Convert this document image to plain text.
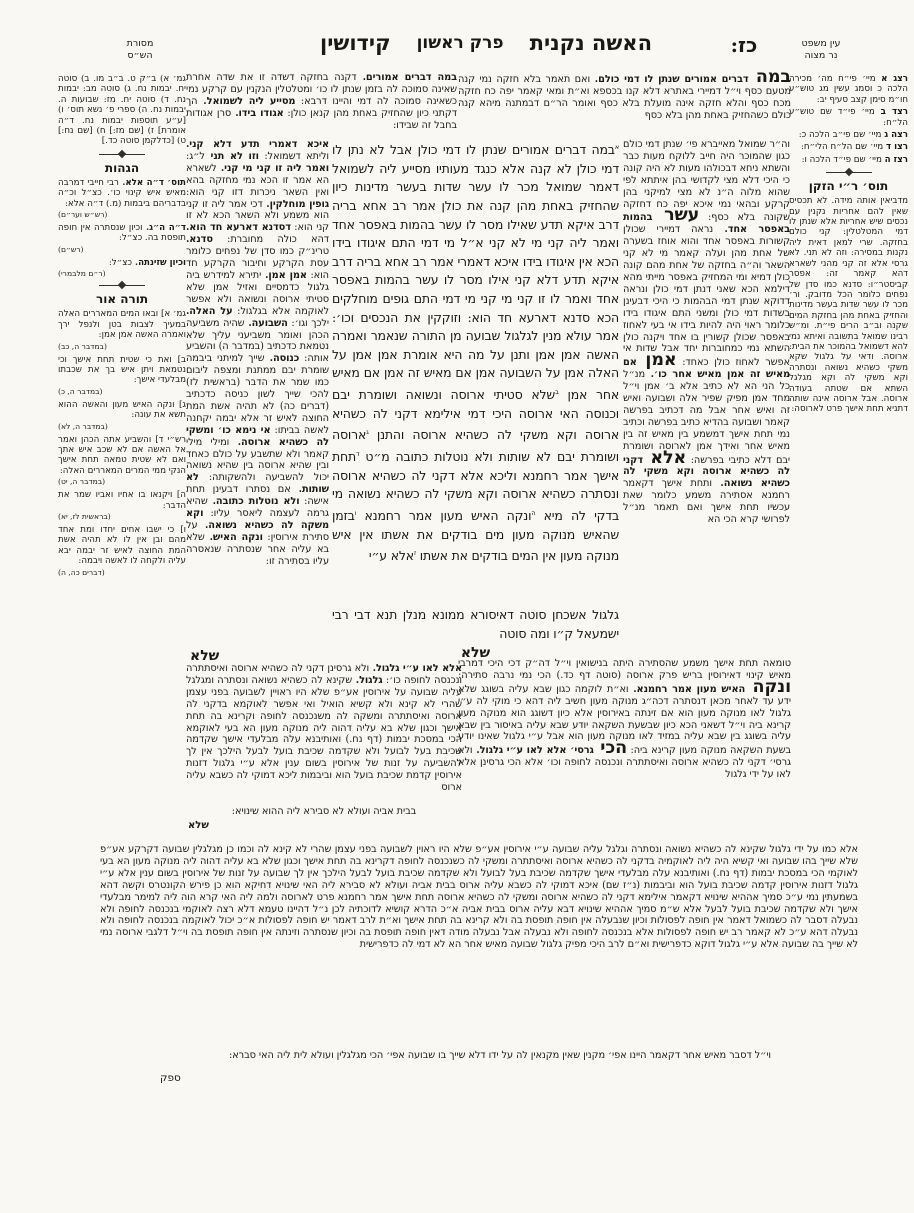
עין משפט
נר מצוה
כז:
האשה נקנית
פרק ראשון
קידושין
מסורת
הש״ס
רצג א מיי׳ פי״ח מה׳ מכירה הלכה כ וסמג עשין מג טוש״ע חו״מ סימן קצב סעיף יב:
רצד ב מיי׳ פי״ד שם טוש״ע הל״ח:
רצה ג מיי׳ שם פי״ב הלכה כ:
רצו ד מיי׳ שם הל״ח הלי״ח:
רצז ה מיי׳ שם פי״ד הלכה ו:
תוס׳ ר״י הזקן
מדביאין אותה מידה. לא תכסיס שאין להם אחריות נקנין עם נכסים שיש אחריות אלא שנתן לו דמי המטלטלין: קני כולם בחזקה. שרי למאן דאית ליה נקנות במסירה: וזה לא תני. לא גרסי אלא זה קני מהני לשארא דהא קאמר זה: אפסר קביסטר״ו: סדנא כמו סדן של נפחים כלומר הכל מדובק. ור׳ מכר לו עשר שדות בעשר מדינות והחזיק באחת מהן בחזקת המים שקנה וב״ב הרים פי״ת. ומ״ש רבינו שמואל בתשובה ואיתא נמי להא דשמואל בהמוכר את הבית: ארוסה. ודאי על גלגול שקא משקי כשהיא נשואה ונסתרה וקא משקי לה וקא מגלגל השתא אם שטתה בעודה ארוסה. אבל ארוסה אינה שותה דתניא תחת אישך פרט לארוסה:
גמ׳ א) ב״ק ט. ב״ב מו. ב) סוטה יח. יבמות נח. ג) סוטה מב: יבמות נח. ד) סוטה יח. מז: שבועות ה. יבמות נח. ה) ספרי פ׳ נשא תוס׳ ו) [ע״ע תוספות יבמות נח. ד״ה אומרת] ז) [שם מז:] ח) [שם נח:] ט) [כדלקמן סוטה כד.]
הגהות
תוס׳ ד״ה אלא. רבי חייבי דמרבה מאיש איש קינוי כו׳. כצ״ל וכ״ה בדבריהם ביבמות (מ.) ד״ה אלא:
(רש״ש וער״ם)
ד״ה ה״ג. וכיון שנסתרה אין חופה תופסת בה. כצ״ל:
(רש״ם)
וכיון שזינתה. כצ״ל:
(ר״ם מלבמרי)
תורה אור
גמ׳ א] ובאו המים המאררים האלה במעיך לצבות בטן ולנפל ירך ואמרה האשה אמן אמן:
(במדבר ה, כב)
ב] ואת כי שטית תחת אישך וכי נטמאת ויתן איש בך את שכבתו מבלעדי אישך:
(במדבר ה, כ)
ג] ונקה האיש מעון והאשה ההוא תשא את עונה:
(במדבר ה, לא)
רש״י ד] והשביע אתה הכהן ואמר אל האשה אם לא שכב איש אתך ואם לא שטית טמאה תחת אישך הנקי ממי המרים המאררים האלה:
(במדבר ה, יט)
ה] ויקנאו בו אחיו ואביו שמר את הדבר:
(בראשית לז, יא)
ו] כי ישבו אחים יחדו ומת אחד מהם ובן אין לו לא תהיה אשת המת החוצה לאיש זר יבמה יבא עליה ולקחה לו לאשה ויבמה:
(דברים כה, ה)
במה דברים אמורים. דקנה בחזקה דשדה זו את שדה אחרת שאינה סמוכה לה בזמן שנתן לו כו׳ ומטלטלין הנקנין עם קרקע נמי כשאינה סמוכה לה דמי והיינו דרבא: מסייע ליה לשמואל. הך דקתני כיון שהחזיק באחת מהן קנאן כולן: אגודו בידו. סרן אגודות בחבל זה שבידו:
איכא דאמרי תדע דלא קני. וליתא דשמואל: וזו לא תני ל״ג: ואמר ליה זו קני מי קני. לשארא הא אמר זו הכא נמי מחזקה בהא ואין השאר ניכרות דזו קני הוא: גופין מוחלקין. דכי אמר ליה זו קני הוא משמע ולא השאר הכא לא זו קני הוא: דסדנא דארעא חד הוא. דהא כולה מחוברת: סדנא. טרינ״ק כמו סדן של נפחים כלומר עסת הקרקע וחיבור הקרקע חד הוא: אמן אמן. יתירא למידרש ביה גלגול כדמסיים ואזיל אמן שלא סטיתי ארוסה ונשואה ולא אפשר לאוקמה אלא בגלגול: על האלה. ילכך וגו׳: השבועה. שהיה משביעה הכהן ואומר משביעני עליך שלא נטמאת כדכתיב (במדבר ה) והשביע אותה: כנוסה. שייך למיתני ביבמה שומרת יבם ממתנת ומצפה ליבום כמו שמר את הדבר (בראשית לז) להכי שייך לשון כניסה כדכתיב (דברים כה) לא תהיה אשת המת החוצה לאיש זר אלא יבמה יקחנה לאשה בביתו: אי נימא כו׳ ומשקי לה כשהיא ארוסה. ומילי מילי קאמר ולא שתשבע על כולם כאחד ובין שהיא ארוסה בין שהיא נשואה יכול להשביעה ולהשקותה: לא שותות. אם נסתרו דבעינן תחת אישה: ולא נוטלות כתובה. שהיא גרמה לעצמה ליאסר עליו: וקא משקה לה כשהיא נשואה. על סתירת אירוסין: ונקה האיש. שלא בא עליה אחר שנסתרה שנאסרה עליו בסתירה זו:
שלא
אלא לאו ע״י גלגול. ולא גרסינן דקני לה כשהיא ארוסה ואיסתתרה ונכנסה לחופה כו׳: גלגול. שקינא לה כשהיא נשואה ונסתרה ומגלגל עליה שבועה על אירוסין אע״פ שלא היו ראויין לשבועה בפני עצמן שהרי לא קינא ולא קשיא הואיל ואי אפשר לאוקמא בדקני לה ארוסה ואיסתתרה ומשקה לה משנכנסה לחופה וקרינא בה תחת אישך וכגון שלא בא עליה דהוה ליה מנוקה מעון הא בעי לאוקמא הכי במסכת יבמות (דף נח.) ואותיבנא עלה מבלעדי אישך שקדמה שכיבת בעל לבועל ולא שקדמה שכיבת בועל לבעל הילכך אין לך להשביעה על זנות של אירוסין בשום ענין אלא ע״י גלגול דזנות אירוסין קדמת שכיבת בועל הוא וביבמות ליכא דמוקי לה כשבא עליה ארוס
בבית אביה ועולא לא סבירא ליה ההוא שינויא:
שלא
$^א$במה דברים אמורים שנתן לו דמי כולן אבל לא נתן לו דמי כולן לא קנה אלא כנגד מעותיו מסייע ליה לשמואל דאמר שמואל מכר לו עשר שדות בעשר מדינות כיון שהחזיק באחת מהן קנה את כולן אמר רב אחא בריה דרב איקא תדע שאילו מסר לו עשר בהמות באפסר אחד ואמר ליה קני מי לא קני א״ל מי דמי התם איגודו בידו הכא אין איגודו בידו איכא דאמרי אמר רב אחא בריה דרב איקא תדע דלא קני אילו מסר לו עשר בהמות באפסר אחד ואמר לו זו קני מי קני מי דמי התם גופים מוחלקים הכא סדנא דארעא חד הוא: וזוקקין את הנכסים וכו׳: אמר עולא מנין לגלגול שבועה מן התורה שנאמר ואמרה האשה אמן אמן ותנן על מה היא אומרת אמן אמן על האלה אמן על השבועה אמן אם מאיש זה אמן אם מאיש אחר אמן $^ב$שלא סטיתי ארוסה ונשואה ושומרת יבם וכנוסה האי ארוסה היכי דמי אילימא דקני לה כשהיא ארוסה וקא משקי לה כשהיא ארוסה והתנן $^ג$ארוסה ושומרת יבם לא שותות ולא נוטלות כתובה מ״ט $^ד$תחת אישך אמר רחמנא וליכא אלא דקני לה כשהיא ארוסה ונסתרה כשהיא ארוסה וקא משקי לה כשהיא נשואה מי בדקי לה מיא $^ה$ונקה האיש מעון אמר רחמנא $^ו$בזמן שהאיש מנוקה מעון מים בודקים את אשתו אין איש מנוקה מעון אין המים בודקים את אשתו $^ז$אלא ע״י
גלגול אשכחן סוטה דאיסורא ממונא מנלן תנא דבי רבי ישמעאל ק״ו ומה סוטה
שלא
במה דברים אמורים שנתן לו דמי כולם. ואם תאמר בלא חזקה נמי קנה מטעם כסף וי״ל דמיירי באתרא דלא קנו בכספא וא״ת ומאי קאמר יפה כח חזקה מכח כסף והלא חזקה אינה מועלת בלא כסף ואומר הר״ם דבמתנה מיהא קנה כולם כשהחזיק באחת מהן בלא כסף
וה״ר שמואל מאייברא פי׳ שנתן דמי כולם כגון שהמוכר היה חייב ללוקח מעות כבר והשתא ניחא דבכולהו מעות לא היה קונה כי היכי דלא מצי לקדושי בהן איתתא לפי שהוא מלוה ה״נ לא מצי למיקני בהן קרקע ובהאי נמי איכא יפה כח דחזקה שקונה בלא כסף: עשר בהמות באפסר אחד. נראה דמיירי שכולן קשורות באפסר אחד והוא אוחז בשערה של אחת מהן ועלה קאמר מי לא קני השאר וה״ה בחזקה של אחת מהם קונה כולן דמיא ומי המחזיק באפסר מייתי מהא דילמא הכא שאני דנתן דמי כולן ונראה דדוקא שנתן דמי הבהמות כי היכי דבעינן בשדות דמי כולן ומשני התם איגודו בידו כלומר ראוי היה להיות בידו אי בעי לאחוז באפסר שכולן קשורין בו אחד ויקנה כולן השתא נמי כמחוברות יחד אבל שדות אי אפשר לאחוז כולן כאחד: אמן אם מאיש זה אמן מאיש אחר כו׳. מנ״ל כל הני הא לא כתיב אלא ב׳ אמן וי״ל מחד אמן מפיק שפיר אלה ושבועה ואיש זה ואיש אחר אבל מה דכתיב בפרשה קאמר ושבועה בהדיא כתיב בפרשה וכתיב נמי תחת אישך דמשמע בין מאיש זה בין מאיש אחר ואידך אמן לארוסה ושומרת יבם דלא כתיבי בפרשה: אלא דקני לה כשהיא ארוסה וקא משקי לה כשהיא נשואה. ותחת אישך דקאמר רחמנא אסתירה משמע כלומר שאת עכשיו תחת אישך ואם תאמר מנ״ל לפרושי קרא הכי הא
טומאה תחת אישך משמע שהסתירה היתה בנישואין וי״ל דה״ק דכי היכי דמרבי מאיש קינוי דאירוסין בריש פרק ארוסה (סוטה דף כד.) הכי נמי נרבה סתירה: ונקה האיש מעון אמר רחמנא. וא״ת לוקמה כגון שבא עליה בשוגג שלא ידע עד לאחר מכאן דנסתרה דכה״ג מנוקה מעון חשיב ליה דהא כי מוקי לה ע״י גלגול לאו מנוקה מעון הוא אם זינתה באירוסין אלא כיון דשוגג הוא מנוקה מעון קרינא ביה וי״ל דשאני הכא כיון שבשעת השקאה יודע שבא עליה באיסור בין שבא עליה בשוגג בין שבא עליה במזיד לאו מנוקה מעון הוא אבל ע״י גלגול שאינו יודע בשעת השקאה מנוקה מעון קרינא ביה: הכי גרסי׳ אלא לאו ע״י גלגול. ולא גרסי׳ דקני לה כשהיא ארוסה ואיסתתרה ונכנסה לחופה וכו׳ אלא הכי גרסינן אלא לאו על ידי גלגול
אלא כמו על ידי גלגול שקינא לה כשהיא נשואה ונסתרה וגלגל עליה שבועה ע״י אירוסין אע״פ שלא היו ראוין לשבועה בפני עצמן שהרי לא קינא לה וכמו כן מגלגלין שבועה דקרקע אע״פ שלא שייך בהו שבועה ואי קשיא היה ליה לאוקמיה בדקני לה כשהיא ארוסה ואיסתתרה ומשקי לה כשנכנסה לחופה דקרינא בה תחת אישך וכגון שלא בא עליה דהוה ליה מנוקה מעון הא בעי לאוקמי הכי במסכת יבמות (דף נח.) ואותיבנא עלה מבלעדי אישך שקדמה שכיבת בעל לבועל ולא שקדמה שכיבת בועל לבעל הילכך אין לך שבועה על זנות של אירוסין בשום ענין אלא ע״י גלגול דזנות אירוסין קדמה שכיבת בועל הוא וביבמות (נ״ז שם) איכא דמוקי לה כשבא עליה ארוס בבית אביה ועולא לא סבירא ליה האי שינויא דחיקא הוא כן פירש הקונטרס וקשה דהא בשמעתין נמי ע״כ סמיך אההיא שינויא דקאמר אילימא דקני לה כשהיא ארוסה ומשקי לה כשהיא ארוסה תחת אישך אמר רחמנא פרט לארוסה ולמה ליה האי קרא הוה ליה למימר מבלעדי אישך ולא שקדמה שכיבת בועל לבעל אלא ש״מ סמיך אההיא שינויא דבא עליה ארוס בבית אביה א״כ הדרא קושיא לדוכתיה לכן נ״ל דהיינו טעמא דלא רצה לאוקמי בנכנסה לחופה ולא נבעלה דסבר לה כשמואל דאמר אין חופה לפסולות וכיון שנבעלה אין חופה תופסת בה ולא קרינא בה תחת אישך וא״ת לרב דאמר יש חופה לפסולות א״כ יכול לאוקמה בנכנסה לחופה ולא נבעלה דהא ע״כ לא קאמר רב יש חופה לפסולות אלא בנכנסה לחופה ולא נבעלה אבל נבעלה מודה דאין חופה תופסת בה וכיון שנסתרה וזינתה אין חופה תופסת בה וי״ל דלגבי ארוסה נמי לא שייך בה שבועה אלא ע״י גלגול דוקא כדפרישית וא״ם לרב היכי מפיק גלגול שבועה מאיש אחר הא לא דמי לה כדפרישית
וי״ל דסבר מאיש אחר דקאמר היינו אפי׳ מקנין שאין מקנאין לה על ידו דלא שייך בו שבועה אפי׳ הכי מגלגלין ועולא לית ליה האי סברא:
ספק
